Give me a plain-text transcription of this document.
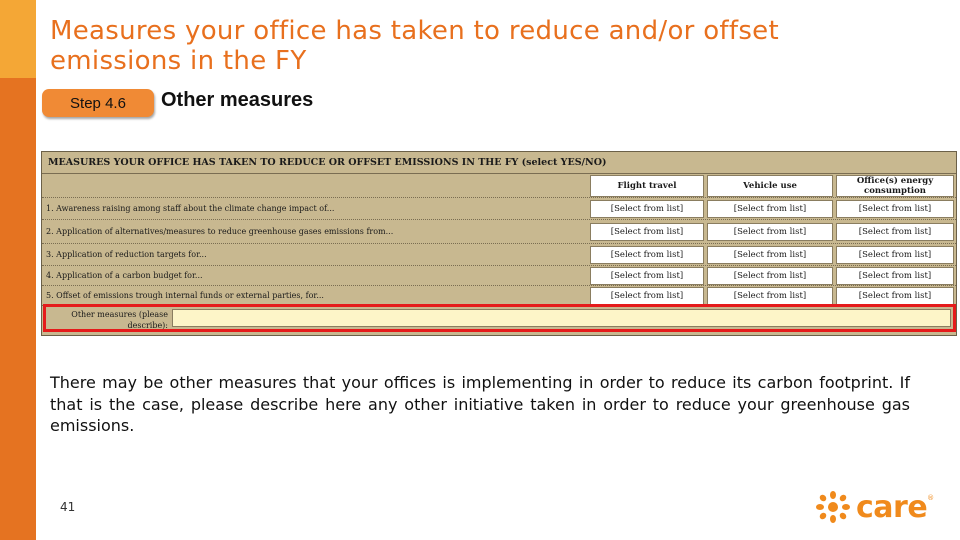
Measures your office has taken to reduce and/or offset
emissions in the FY
Step 4.6	Other measures
MEASURES YOUR OFFICE HAS TAKEN TO REDUCE OR OFFSET EMISSIONS IN THE FY (select YES/NO)
Flight travel	Vehicle use	Office(s) energy consumption
1. Awareness raising among staff about the climate change impact of...	[Select from list]	[Select from list]	[Select from list]
2. Application of alternatives/measures to reduce greenhouse gases emissions from...	[Select from list]	[Select from list]	[Select from list]
3. Application of reduction targets for...	[Select from list]	[Select from list]	[Select from list]
4. Application of a carbon budget for...	[Select from list]	[Select from list]	[Select from list]
5. Offset of emissions trough internal funds or external parties, for...	[Select from list]	[Select from list]	[Select from list]
Other measures (please
describe):
There may be other measures that your offices is implementing in order to reduce its carbon footprint. If that is the case, please describe here any other initiative taken in order to reduce your greenhouse gas emissions.
41	care ®
